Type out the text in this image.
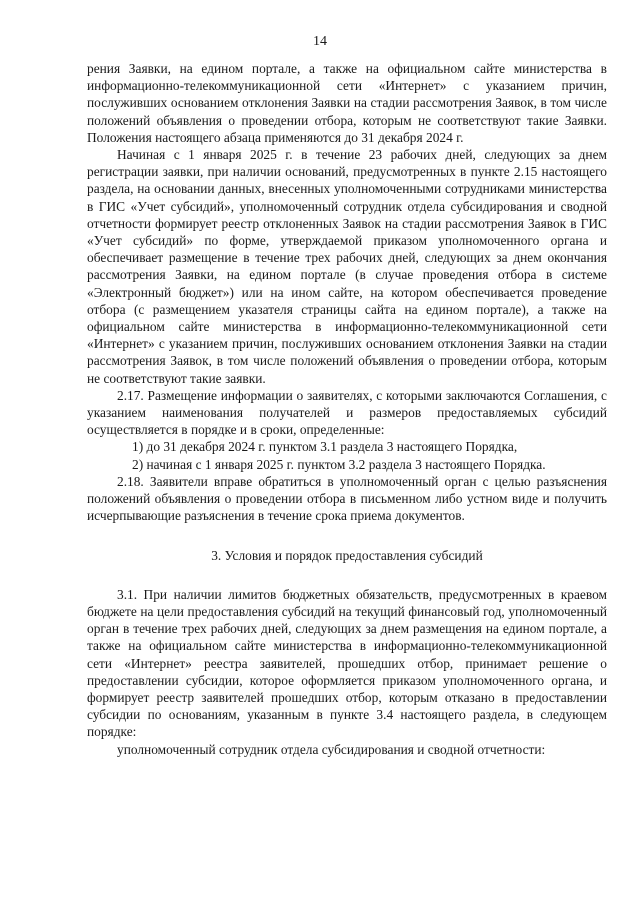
14

рения Заявки, на едином портале, а также на официальном сайте министерства в информационно-телекоммуникационной сети «Интернет» с указанием причин, послуживших основанием отклонения Заявки на стадии рассмотрения Заявок, в том числе положений объявления о проведении отбора, которым не соответствуют такие Заявки. Положения настоящего абзаца применяются до 31 декабря 2024 г.

Начиная с 1 января 2025 г. в течение 23 рабочих дней, следующих за днем регистрации заявки, при наличии оснований, предусмотренных в пункте 2.15 настоящего раздела, на основании данных, внесенных уполномоченными сотрудниками министерства в ГИС «Учет субсидий», уполномоченный сотрудник отдела субсидирования и сводной отчетности формирует реестр отклоненных Заявок на стадии рассмотрения Заявок в ГИС «Учет субсидий» по форме, утверждаемой приказом уполномоченного органа и обеспечивает размещение в течение трех рабочих дней, следующих за днем окончания рассмотрения Заявки, на едином портале (в случае проведения отбора в системе «Электронный бюджет») или на ином сайте, на котором обеспечивается проведение отбора (с размещением указателя страницы сайта на едином портале), а также на официальном сайте министерства в информационно-телекоммуникационной сети «Интернет» с указанием причин, послуживших основанием отклонения Заявки на стадии рассмотрения Заявок, в том числе положений объявления о проведении отбора, которым не соответствуют такие заявки.

2.17. Размещение информации о заявителях, с которыми заключаются Соглашения, с указанием наименования получателей и размеров предоставляемых субсидий осуществляется в порядке и в сроки, определенные:

1) до 31 декабря 2024 г. пунктом 3.1 раздела 3 настоящего Порядка,

2) начиная с 1 января 2025 г. пунктом 3.2 раздела 3 настоящего Порядка.

2.18. Заявители вправе обратиться в уполномоченный орган с целью разъяснения положений объявления о проведении отбора в письменном либо устном виде и получить исчерпывающие разъяснения в течение срока приема документов.

3. Условия и порядок предоставления субсидий

3.1. При наличии лимитов бюджетных обязательств, предусмотренных в краевом бюджете на цели предоставления субсидий на текущий финансовый год, уполномоченный орган в течение трех рабочих дней, следующих за днем размещения на едином портале, а также на официальном сайте министерства в информационно-телекоммуникационной сети «Интернет» реестра заявителей, прошедших отбор, принимает решение о предоставлении субсидии, которое оформляется приказом уполномоченного органа, и формирует реестр заявителей прошедших отбор, которым отказано в предоставлении субсидии по основаниям, указанным в пункте 3.4 настоящего раздела, в следующем порядке:

уполномоченный сотрудник отдела субсидирования и сводной отчетности:
